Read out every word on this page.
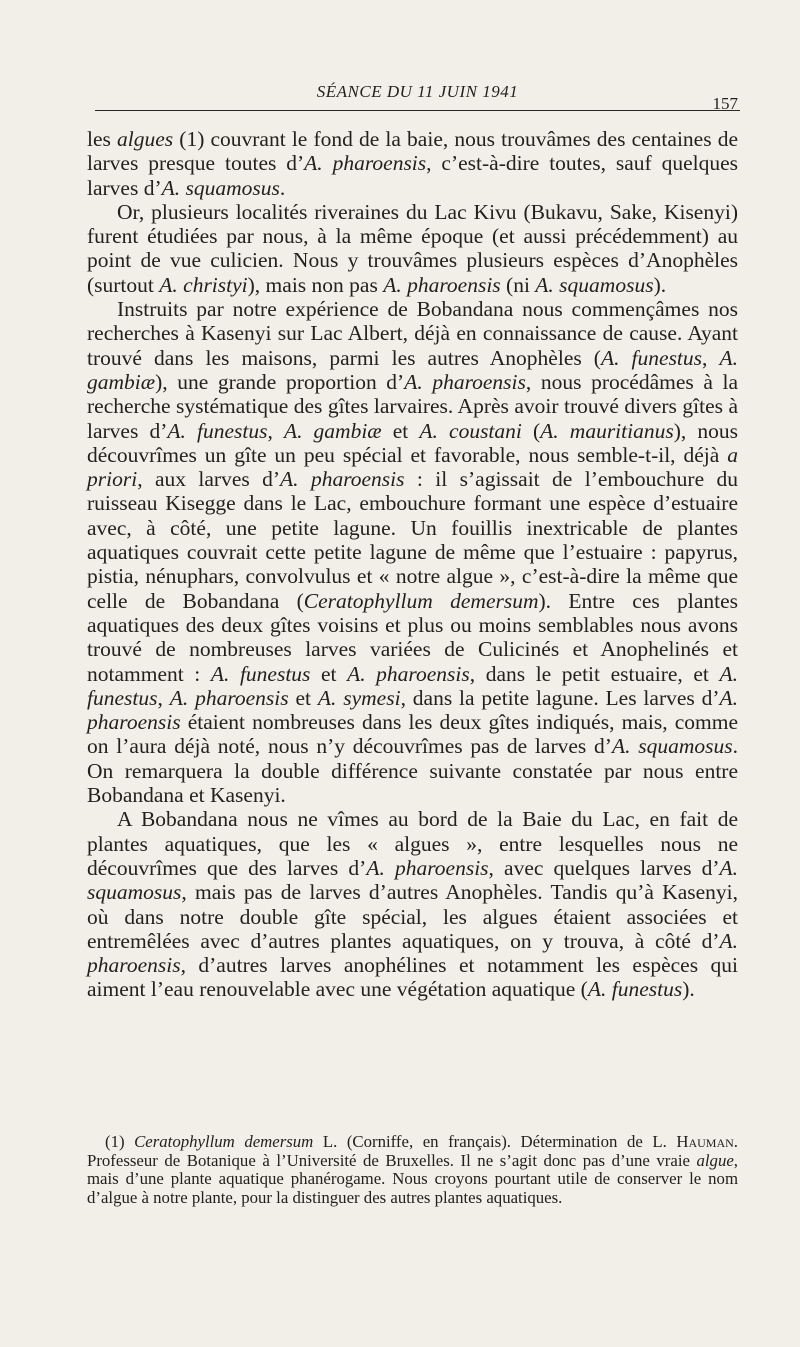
SÉANCE DU 11 JUIN 1941
157

les algues (1) couvrant le fond de la baie, nous trouvâmes des centaines de larves presque toutes d’A. pharoensis, c’est-à-dire toutes, sauf quelques larves d’A. squamosus.

Or, plusieurs localités riveraines du Lac Kivu (Bukavu, Sake, Kisenyi) furent étudiées par nous, à la même époque (et aussi précédemment) au point de vue culicien. Nous y trouvâmes plusieurs espèces d’Anophèles (surtout A. christyi), mais non pas A. pharoensis (ni A. squamosus).

Instruits par notre expérience de Bobandana nous commençâmes nos recherches à Kasenyi sur Lac Albert, déjà en connaissance de cause. Ayant trouvé dans les maisons, parmi les autres Anophèles (A. funestus, A. gambiæ), une grande proportion d’A. pharoensis, nous procédâmes à la recherche systématique des gîtes larvaires. Après avoir trouvé divers gîtes à larves d’A. funestus, A. gambiæ et A. coustani (A. mauritianus), nous découvrîmes un gîte un peu spécial et favorable, nous semble-t-il, déjà a priori, aux larves d’A. pharoensis : il s’agissait de l’embouchure du ruisseau Kisegge dans le Lac, embouchure formant une espèce d’estuaire avec, à côté, une petite lagune. Un fouillis inextricable de plantes aquatiques couvrait cette petite lagune de même que l’estuaire : papyrus, pistia, nénuphars, convolvulus et « notre algue », c’est-à-dire la même que celle de Bobandana (Ceratophyllum demersum). Entre ces plantes aquatiques des deux gîtes voisins et plus ou moins semblables nous avons trouvé de nombreuses larves variées de Culicinés et Anophelinés et notamment : A. funestus et A. pharoensis, dans le petit estuaire, et A. funestus, A. pharoensis et A. symesi, dans la petite lagune. Les larves d’A. pharoensis étaient nombreuses dans les deux gîtes indiqués, mais, comme on l’aura déjà noté, nous n’y découvrîmes pas de larves d’A. squamosus. On remarquera la double différence suivante constatée par nous entre Bobandana et Kasenyi.

A Bobandana nous ne vîmes au bord de la Baie du Lac, en fait de plantes aquatiques, que les « algues », entre lesquelles nous ne découvrîmes que des larves d’A. pharoensis, avec quelques larves d’A. squamosus, mais pas de larves d’autres Anophèles. Tandis qu’à Kasenyi, où dans notre double gîte spécial, les algues étaient associées et entremêlées avec d’autres plantes aquatiques, on y trouva, à côté d’A. pharoensis, d’autres larves anophélines et notamment les espèces qui aiment l’eau renouvelable avec une végétation aquatique (A. funestus).

(1) Ceratophyllum demersum L. (Corniffe, en français). Détermination de L. Hauman. Professeur de Botanique à l’Université de Bruxelles. Il ne s’agit donc pas d’une vraie algue, mais d’une plante aquatique phanérogame. Nous croyons pourtant utile de conserver le nom d’algue à notre plante, pour la distinguer des autres plantes aquatiques.
